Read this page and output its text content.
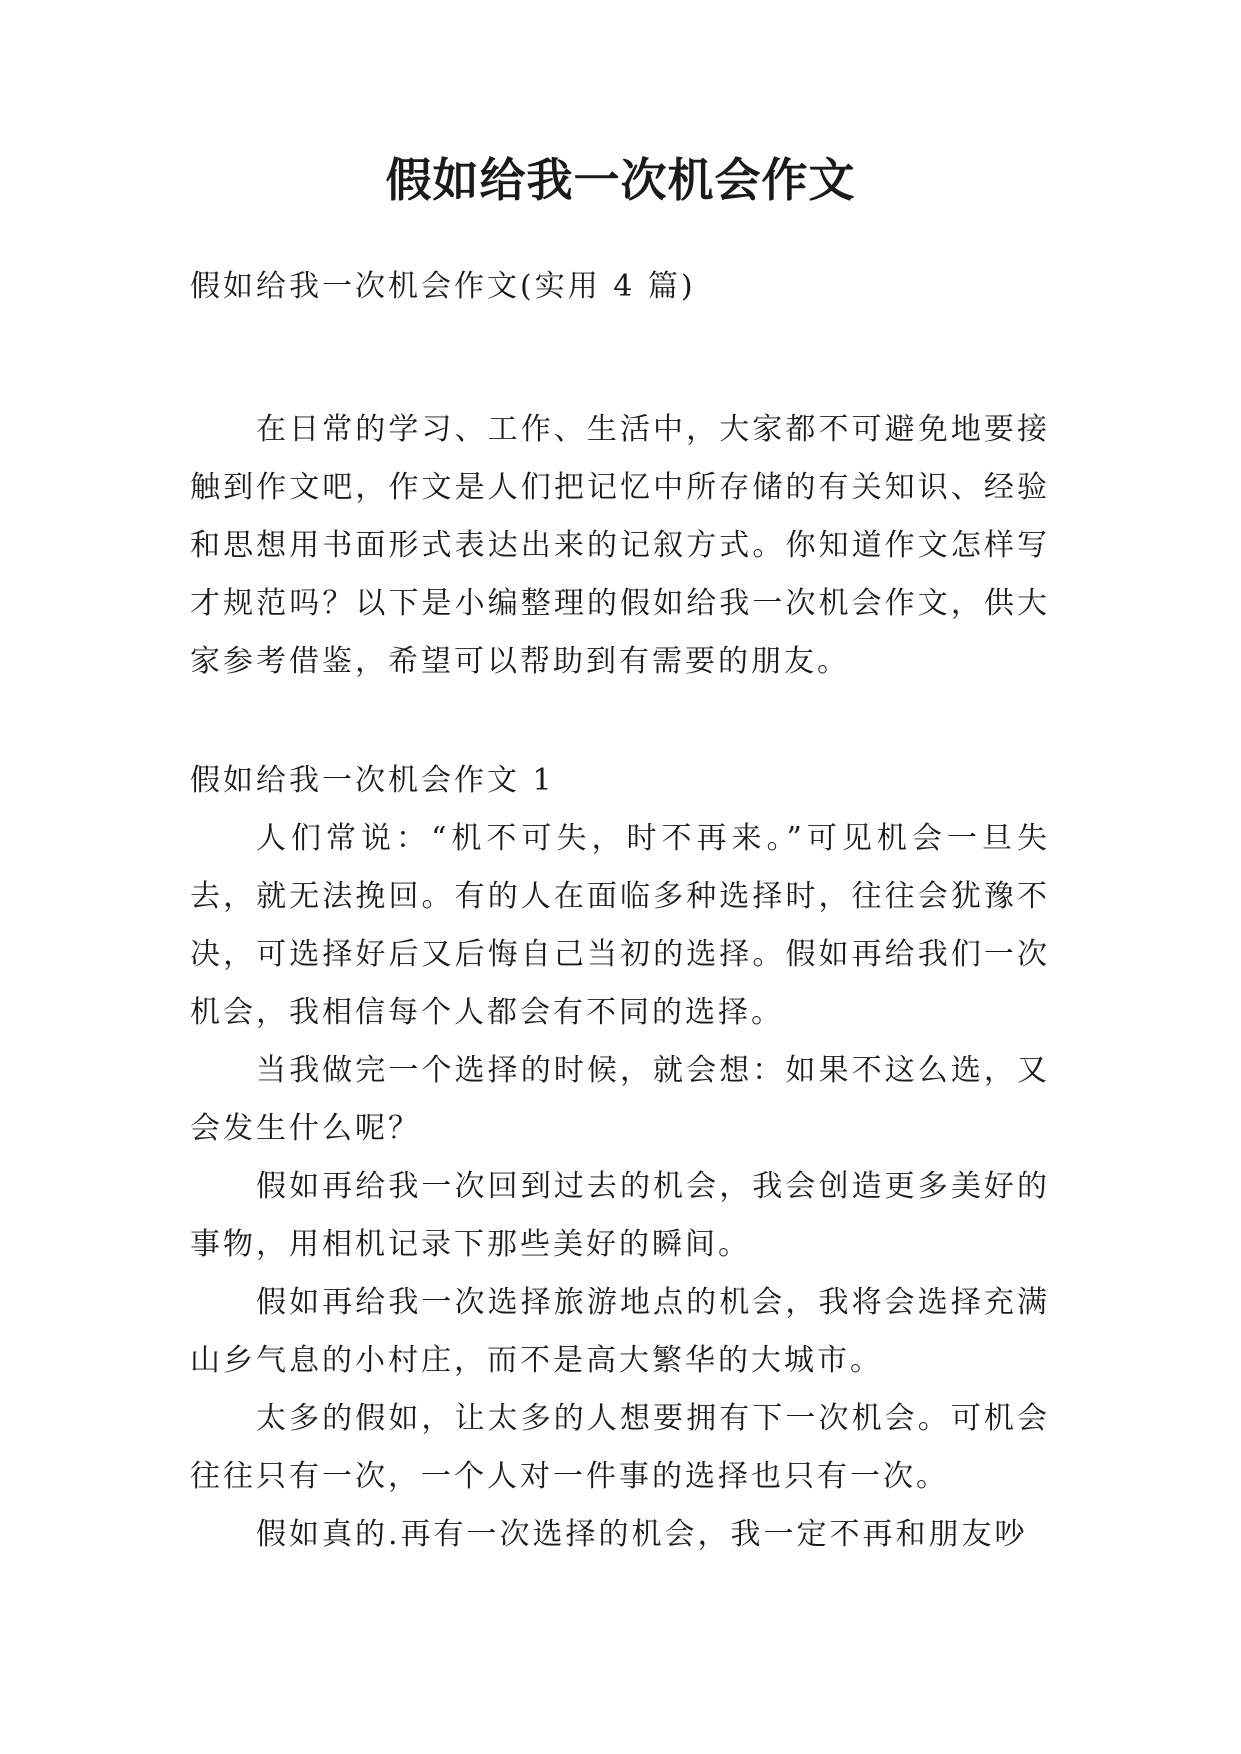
假如给我一次机会作文

假如给我一次机会作文(实用 4 篇)

在日常的学习、工作、生活中，大家都不可避免地要接触到作文吧，作文是人们把记忆中所存储的有关知识、经验和思想用书面形式表达出来的记叙方式。你知道作文怎样写才规范吗？以下是小编整理的假如给我一次机会作文，供大家参考借鉴，希望可以帮助到有需要的朋友。

假如给我一次机会作文 1

人们常说：“机不可失，时不再来。”可见机会一旦失去，就无法挽回。有的人在面临多种选择时，往往会犹豫不决，可选择好后又后悔自己当初的选择。假如再给我们一次机会，我相信每个人都会有不同的选择。

当我做完一个选择的时候，就会想：如果不这么选，又会发生什么呢？

假如再给我一次回到过去的机会，我会创造更多美好的事物，用相机记录下那些美好的瞬间。

假如再给我一次选择旅游地点的机会，我将会选择充满山乡气息的小村庄，而不是高大繁华的大城市。

太多的假如，让太多的人想要拥有下一次机会。可机会往往只有一次，一个人对一件事的选择也只有一次。

假如真的.再有一次选择的机会，我一定不再和朋友吵
